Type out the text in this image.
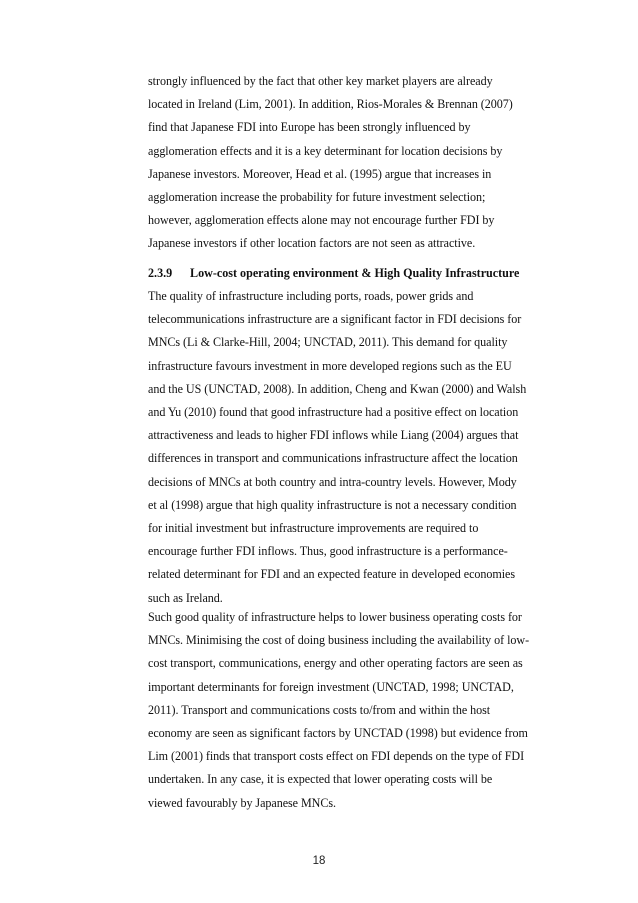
strongly influenced by the fact that other key market players are already
located in Ireland (Lim, 2001). In addition, Rios-Morales & Brennan (2007)
find that Japanese FDI into Europe has been strongly influenced by
agglomeration effects and it is a key determinant for location decisions by
Japanese investors. Moreover, Head et al. (1995) argue that increases in
agglomeration increase the probability for future investment selection;
however, agglomeration effects alone may not encourage further FDI by
Japanese investors if other location factors are not seen as attractive.
2.3.9 Low-cost operating environment & High Quality Infrastructure
The quality of infrastructure including ports, roads, power grids and
telecommunications infrastructure are a significant factor in FDI decisions for
MNCs (Li & Clarke-Hill, 2004; UNCTAD, 2011). This demand for quality
infrastructure favours investment in more developed regions such as the EU
and the US (UNCTAD, 2008). In addition, Cheng and Kwan (2000) and Walsh
and Yu (2010) found that good infrastructure had a positive effect on location
attractiveness and leads to higher FDI inflows while Liang (2004) argues that
differences in transport and communications infrastructure affect the location
decisions of MNCs at both country and intra-country levels. However, Mody
et al (1998) argue that high quality infrastructure is not a necessary condition
for initial investment but infrastructure improvements are required to
encourage further FDI inflows. Thus, good infrastructure is a performance-
related determinant for FDI and an expected feature in developed economies
such as Ireland.
Such good quality of infrastructure helps to lower business operating costs for
MNCs. Minimising the cost of doing business including the availability of low-
cost transport, communications, energy and other operating factors are seen as
important determinants for foreign investment (UNCTAD, 1998; UNCTAD,
2011). Transport and communications costs to/from and within the host
economy are seen as significant factors by UNCTAD (1998) but evidence from
Lim (2001) finds that transport costs effect on FDI depends on the type of FDI
undertaken. In any case, it is expected that lower operating costs will be
viewed favourably by Japanese MNCs.
18
